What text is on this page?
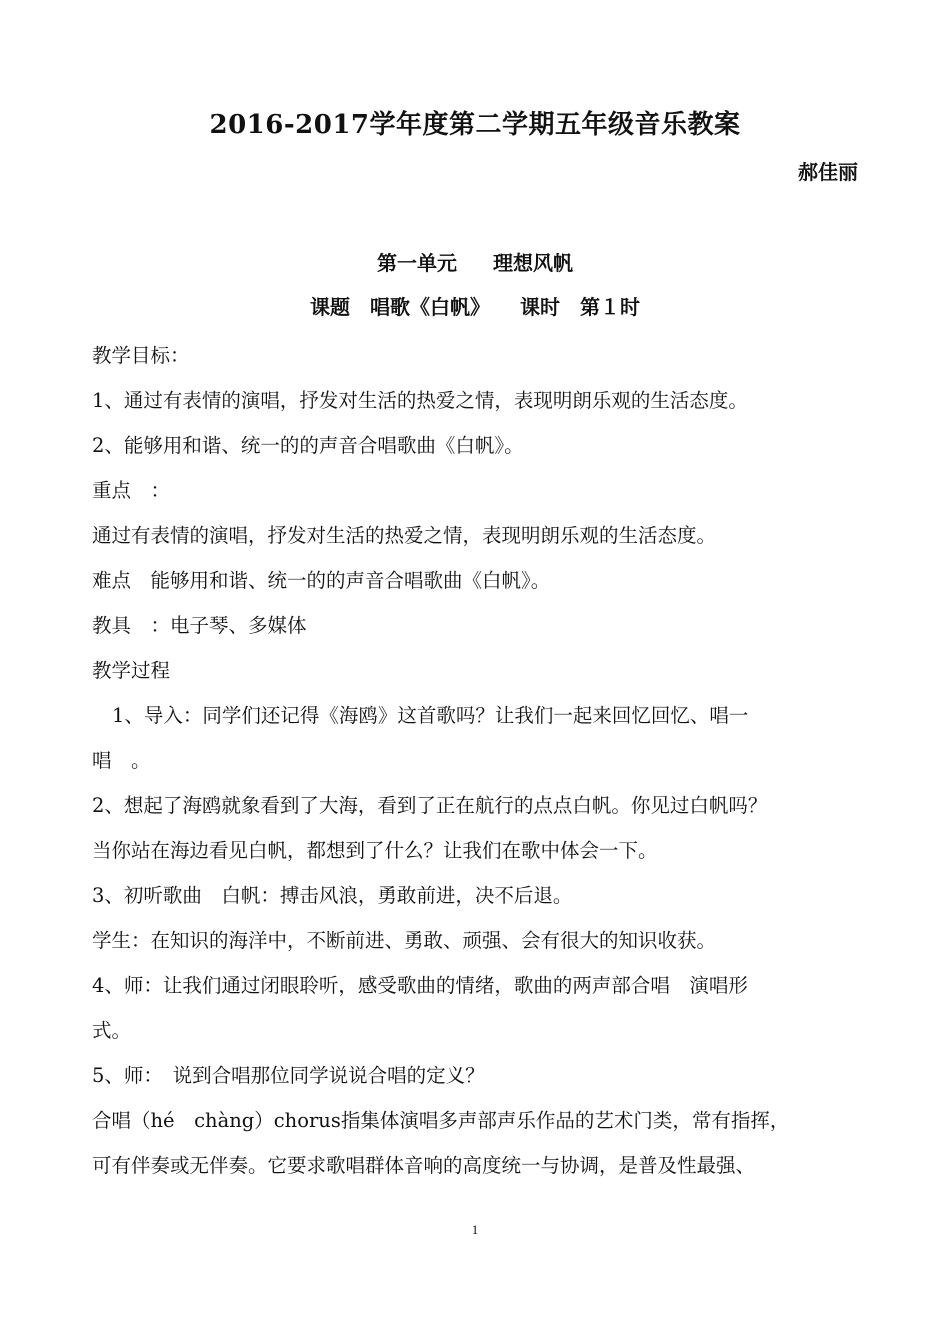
2016-2017学年度第二学期五年级音乐教案
郝佳丽
第一单元 理想风帆
课题 唱歌《白帆》 课时 第１时

教学目标：

1、通过有表情的演唱，抒发对生活的热爱之情，表现明朗乐观的生活态度。

2、能够用和谐、统一的的声音合唱歌曲《白帆》。

重点　：

通过有表情的演唱，抒发对生活的热爱之情，表现明朗乐观的生活态度。

难点　能够用和谐、统一的的声音合唱歌曲《白帆》。

教具　：电子琴、多媒体

教学过程

1、导入：同学们还记得《海鸥》这首歌吗？让我们一起来回忆回忆、唱一

唱　。

2、想起了海鸥就象看到了大海，看到了正在航行的点点白帆。你见过白帆吗？

当你站在海边看见白帆，都想到了什么？让我们在歌中体会一下。

3、初听歌曲　白帆：搏击风浪，勇敢前进，决不后退。

学生：在知识的海洋中，不断前进、勇敢、顽强、会有很大的知识收获。

4、师：让我们通过闭眼聆听，感受歌曲的情绪，歌曲的两声部合唱　演唱形

式。

5、师：　说到合唱那位同学说说合唱的定义？

合唱（hé　chàng）chorus指集体演唱多声部声乐作品的艺术门类，常有指挥，

可有伴奏或无伴奏。它要求歌唱群体音响的高度统一与协调，是普及性最强、

1
